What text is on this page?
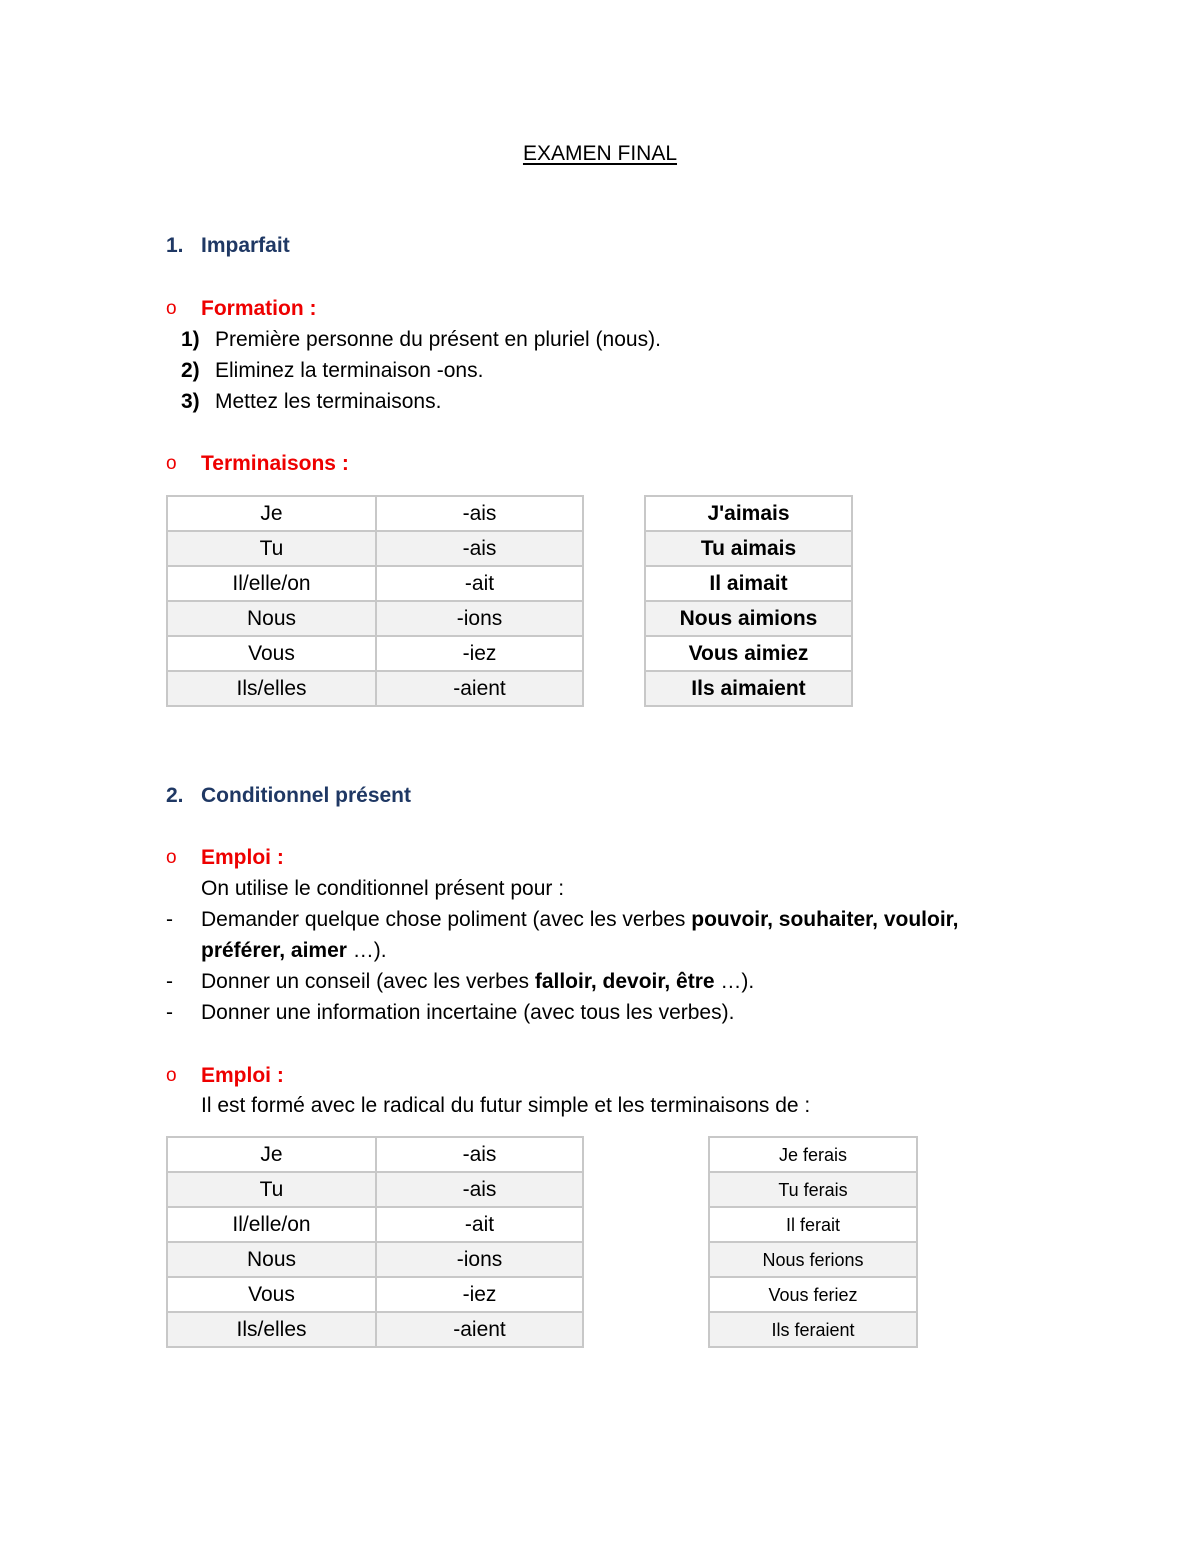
EXAMEN FINAL
1. Imparfait
o Formation :
1) Première personne du présent en pluriel (nous).
2) Eliminez la terminaison -ons.
3) Mettez les terminaisons.
o Terminaisons :
Je	-ais
Tu	-ais
Il/elle/on	-ait
Nous	-ions
Vous	-iez
Ils/elles	-aient
J'aimais
Tu aimais
Il aimait
Nous aimions
Vous aimiez
Ils aimaient
2. Conditionnel présent
o Emploi :
On utilise le conditionnel présent pour :
- Demander quelque chose poliment (avec les verbes pouvoir, souhaiter, vouloir,
préférer, aimer …).
- Donner un conseil (avec les verbes falloir, devoir, être …).
- Donner une information incertaine (avec tous les verbes).
o Emploi :
Il est formé avec le radical du futur simple et les terminaisons de :
Je	-ais
Tu	-ais
Il/elle/on	-ait
Nous	-ions
Vous	-iez
Ils/elles	-aient
Je ferais
Tu ferais
Il ferait
Nous ferions
Vous feriez
Ils feraient
